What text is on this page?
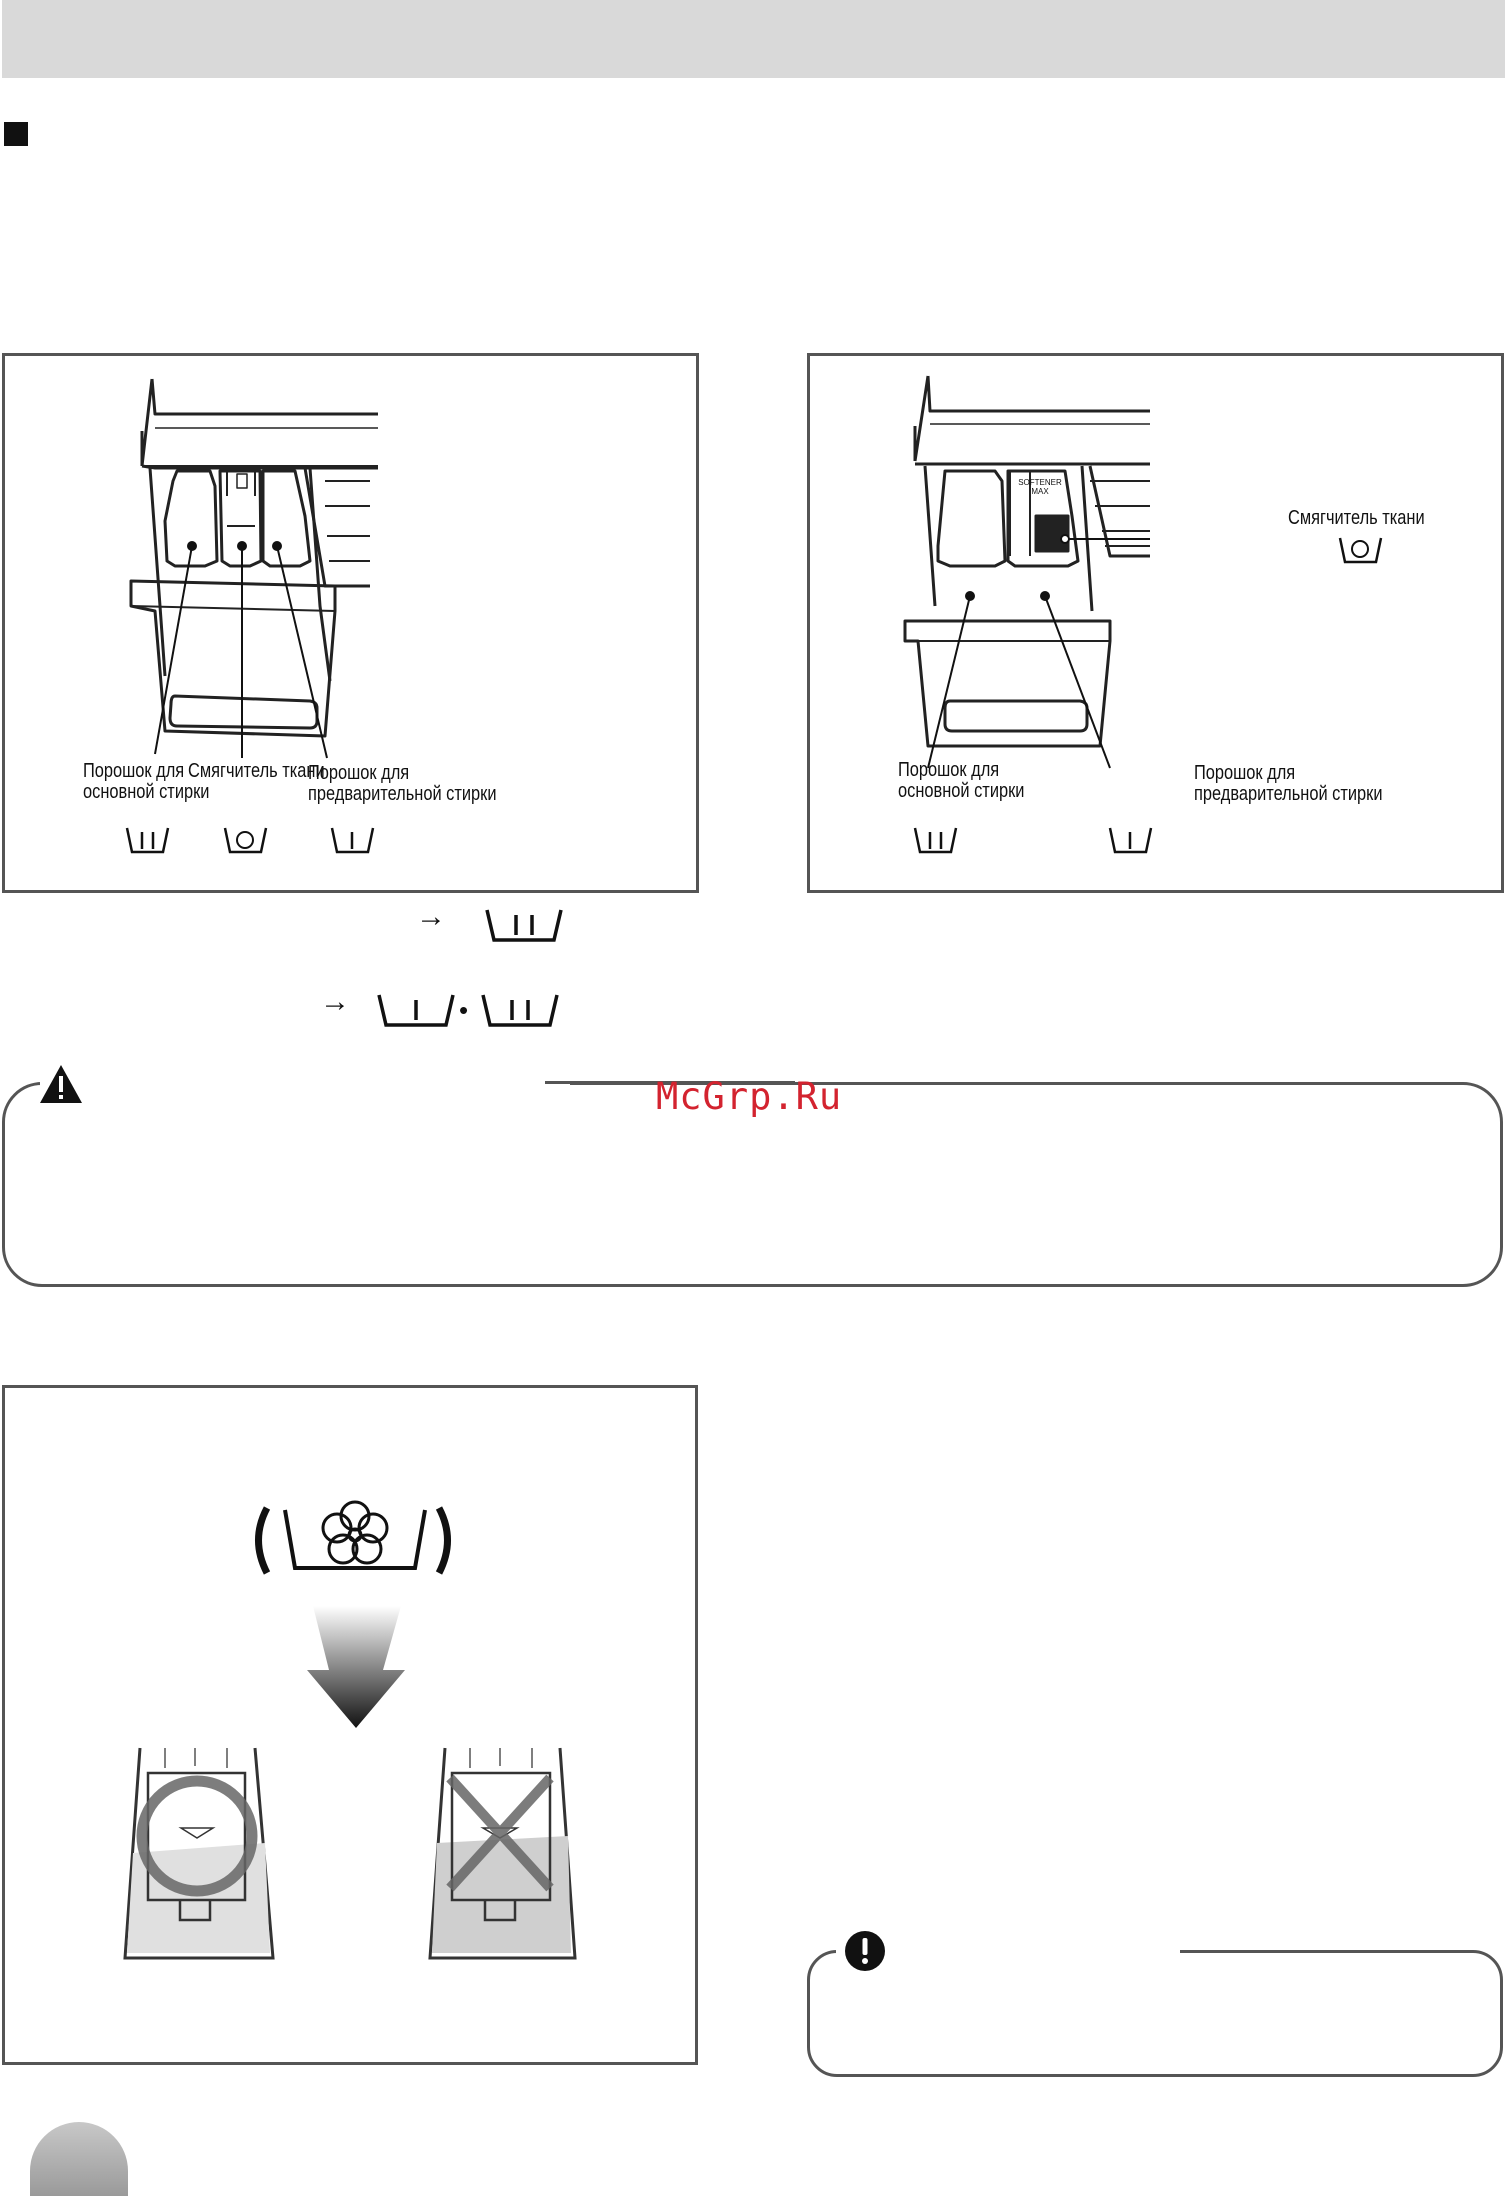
Порошок для
основной стирки
Смягчитель ткани
Порошок для
предварительной стирки
SOFTENER
MAX
Смягчитель ткани
Порошок для
основной стирки
Порошок для
предварительной стирки
→
→	•
McGrp.Ru
